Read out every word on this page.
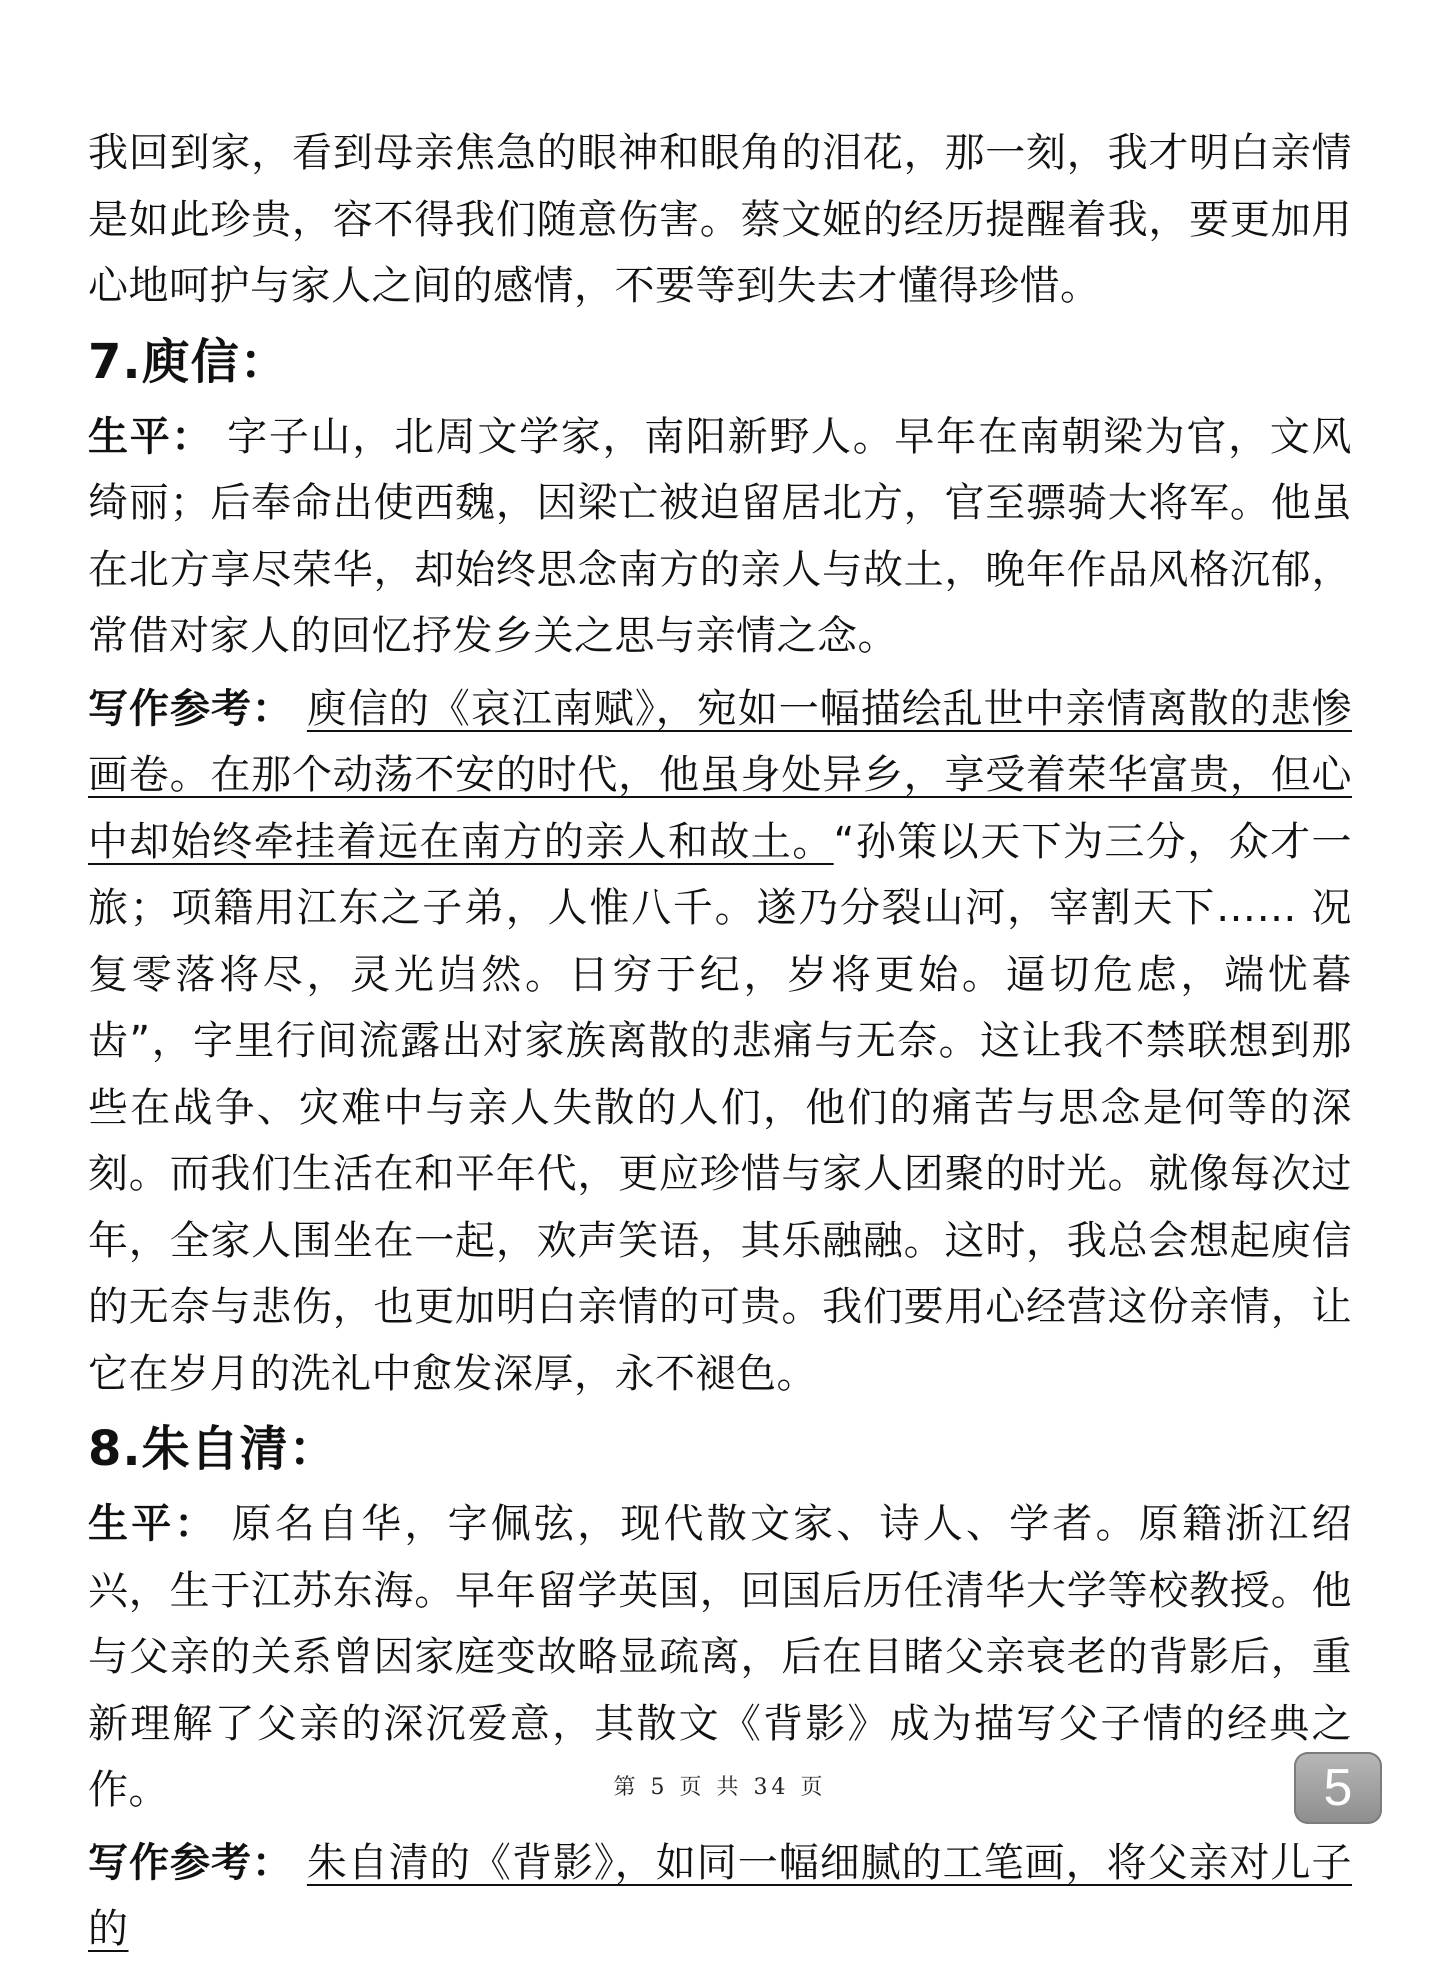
我回到家，看到母亲焦急的眼神和眼角的泪花，那一刻，我才明白亲情是如此珍贵，容不得我们随意伤害。蔡文姬的经历提醒着我，要更加用心地呵护与家人之间的感情，不要等到失去才懂得珍惜。

7.庾信：

生平： 字子山，北周文学家，南阳新野人。早年在南朝梁为官，文风绮丽；后奉命出使西魏，因梁亡被迫留居北方，官至骠骑大将军。他虽在北方享尽荣华，却始终思念南方的亲人与故土，晚年作品风格沉郁，常借对家人的回忆抒发乡关之思与亲情之念。

写作参考： 庾信的《哀江南赋》，宛如一幅描绘乱世中亲情离散的悲惨画卷。在那个动荡不安的时代，他虽身处异乡，享受着荣华富贵，但心中却始终牵挂着远在南方的亲人和故土。“孙策以天下为三分，众才一旅；项籍用江东之子弟，人惟八千。遂乃分裂山河，宰割天下…… 况复零落将尽，灵光岿然。日穷于纪，岁将更始。逼切危虑，端忧暮齿”，字里行间流露出对家族离散的悲痛与无奈。这让我不禁联想到那些在战争、灾难中与亲人失散的人们，他们的痛苦与思念是何等的深刻。而我们生活在和平年代，更应珍惜与家人团聚的时光。就像每次过年，全家人围坐在一起，欢声笑语，其乐融融。这时，我总会想起庾信的无奈与悲伤，也更加明白亲情的可贵。我们要用心经营这份亲情，让它在岁月的洗礼中愈发深厚，永不褪色。

8.朱自清：

生平： 原名自华，字佩弦，现代散文家、诗人、学者。原籍浙江绍兴，生于江苏东海。早年留学英国，回国后历任清华大学等校教授。他与父亲的关系曾因家庭变故略显疏离，后在目睹父亲衰老的背影后，重新理解了父亲的深沉爱意，其散文《背影》成为描写父子情的经典之作。

写作参考： 朱自清的《背影》，如同一幅细腻的工笔画，将父亲对儿子的

第 5 页 共 34 页	5
